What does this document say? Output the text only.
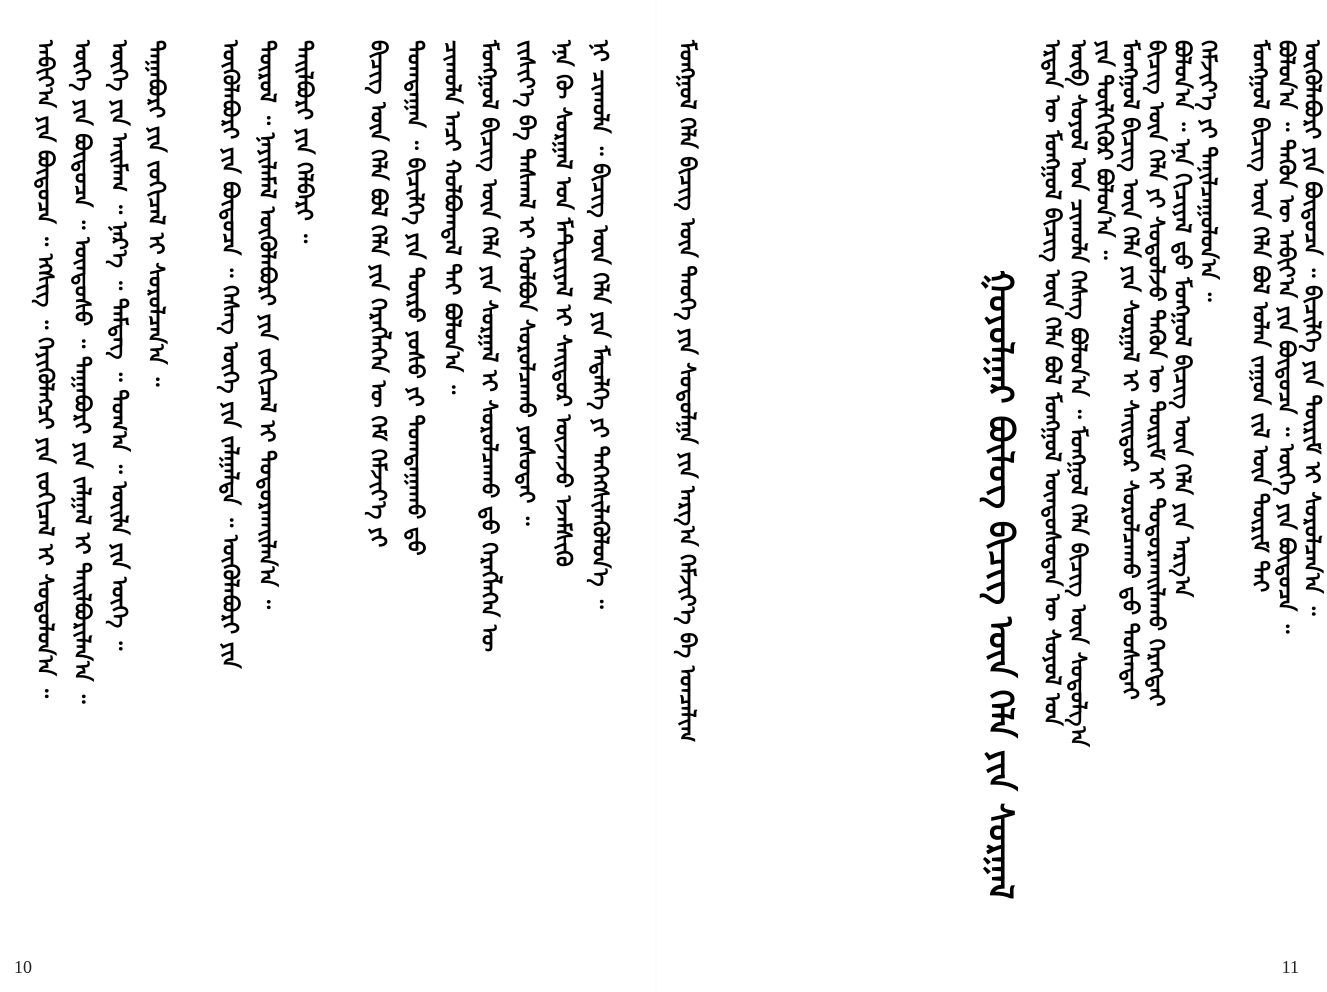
ᠠᠪᠢᠶ᠎ᠠ ᠶᠢᠨ ᠪᠦᠲᠦᠴᠡ ᠃ ᠡᠭᠰᠢᠭ ᠃ ᠭᠡᠶᠢᠭᠦᠯᠡᠭᠴᠢ ᠶᠢᠨ ᠵᠣᠬᠢᠴᠠᠯ ᠢ ᠰᠤᠳᠤᠯᠤᠨ᠎ᠠ ᠃ ᠦᠭᠡ ᠶᠢᠨ ᠪᠦᠲᠦᠴᠡ ᠃ ᠦᠨᠳᠦᠰᠦ ᠃ ᠳᠠᠭᠠᠪᠤᠷᠢ ᠶᠢᠨ ᠵᠠᠯᠭᠠᠯ ᠢ ᠲᠠᠢᠯᠪᠤᠷᠢᠯᠠᠨ᠎ᠠ ᠃ ᠦᠭᠡ ᠶᠢᠨ ᠠᠢᠮᠠᠭ ᠃ ᠨᠡᠷ᠎ᠡ ᠃ ᠲᠡᠮᠳᠡᠭ ᠃ ᠲᠣᠭ᠎ᠠ ᠃ ᠦᠢᠯᠡ ᠶᠢᠨ ᠦᠭᠡ ᠃ ᠳᠠᠭᠠᠪᠤᠷᠢ ᠶᠢᠨ ᠵᠣᠬᠢᠴᠠᠯ ᠢ ᠰᠤᠷᠤᠯᠴᠠᠨ᠎ᠠ ᠃ ᠦᠭᠦᠯᠡᠪᠦᠷᠢ ᠶᠢᠨ ᠪᠦᠲᠦᠴᠡ ᠃ ᠬᠡᠰᠡᠭ ᠦᠭᠡ ᠶᠢᠨ ᠵᠠᠯᠭᠠᠯᠲᠠ ᠃ ᠦᠭᠦᠯᠡᠪᠦᠷᠢ ᠶᠢᠨ ᠲᠦᠷᠦᠯ ᠃ ᠨᠡᠶᠢᠯᠡᠮᠡᠯ ᠦᠭᠦᠯᠡᠪᠦᠷᠢ ᠶᠢᠨ ᠵᠣᠬᠢᠴᠠᠯ ᠢ ᠲᠣᠳᠤᠷᠬᠠᠢᠯᠠᠨ᠎ᠠ ᠃ ᠲᠠᠢᠯᠪᠤᠷᠢ ᠶᠢᠨ ᠬᠡᠯᠪᠡᠷᠢ ᠃ ᠪᠢᠴᠢᠭ ᠦᠨ ᠬᠡᠯᠡ ᠪᠣᠯ ᠬᠡᠯᠡ ᠶᠢᠨ ᠬᠡᠷᠡᠭᠯᠡᠭᠡᠨ ᠦ ᠬᠡᠮ ᠬᠡᠮᠵᠢᠶ᠎ᠡ ᠶᠢ ᠲᠣᠭᠲᠠᠭᠠᠨ ᠃ ᠪᠢᠴᠢᠯᠭᠡ ᠶᠢᠨ ᠲᠥᠷᠦ ᠶᠣᠰᠤ ᠶᠢ ᠲᠣᠭᠲᠠᠭᠠᠬᠤ ᠳ᠋ᠤ ᠴᠢᠬᠤᠯᠠ ᠠᠴᠢ ᠬᠣᠯᠪᠣᠭᠳᠠᠯ ᠲᠠᠢ ᠪᠣᠯᠤᠨ᠎ᠠ ᠃ ᠮᠣᠩᠭᠣᠯ ᠪᠢᠴᠢᠭ ᠦᠨ ᠬᠡᠯᠡ ᠶᠢᠨ ᠰᠤᠷᠭᠠᠯ ᠢ ᠰᠤᠷᠤᠯᠴᠠᠬᠤ ᠳ᠋ᠤ ᠬᠡᠷᠡᠭᠯᠡᠭᠡᠨ ᠦ ᠵᠢᠱᠢᠶ᠎ᠡ ᠪᠠ ᠳᠠᠰᠬᠠᠯ ᠢ ᠬᠣᠯᠪᠣᠨ ᠰᠤᠷᠤᠯᠴᠠᠬᠤ ᠶᠣᠰᠤᠲᠠᠢ ᠃ ᠡᠨᠡ ᠬᠦ ᠰᠤᠷᠭᠠᠯ ᠤᠨ ᠮᠠᠲ᠋ᠧᠷᠢᠶᠠᠯ ᠢ ᠰᠠᠢᠲᠤᠷ ᠦᠵᠡᠵᠦ ᠡᠵᠡᠮᠰᠢᠬᠦ ᠨᠢ ᠴᠢᠬᠤᠯᠠ ᠃ ᠪᠢᠴᠢᠭ ᠦᠨ ᠬᠡᠯᠡ ᠶᠢᠨ ᠮᠡᠳᠡᠯᠭᠡ ᠶᠢ ᠳᠡᠭᠡᠭᠰᠢᠯᠡᠭᠦᠯᠦᠨ᠎ᠡ ᠃
10
ᠮᠣᠩᠭᠣᠯ ᠬᠡᠯᠡ ᠪᠢᠴᠢᠭ ᠦᠨ ᠲᠡᠦᠬᠡ ᠶᠢᠨ ᠰᠤᠳᠤᠯᠭᠠ ᠶᠢᠨ ᠠᠷᠭ᠎ᠠ ᠬᠡᠮᠵᠢᠶ᠎ᠡ ᠪᠠ ᠣᠨᠴᠠᠯᠢᠭ	ᠭᠣᠶᠣᠯᠭᠠᠷ ᠪᠦᠯᠦᠭ ᠪᠢᠴᠢᠭ ᠦᠨ ᠬᠡᠯᠡ ᠶᠢᠨ ᠰᠤᠷᠭᠠᠯ ᠡᠷᠲᠡᠨ ᠦ ᠮᠣᠩᠭᠣᠯ ᠪᠢᠴᠢᠭ ᠦᠨ ᠬᠡᠯᠡ ᠪᠣᠯ ᠮᠣᠩᠭᠣᠯ ᠦᠨᠳᠦᠰᠦᠲᠡᠨ ᠦ ᠰᠣᠶᠣᠯ ᠤᠨ ᠥᠪ ᠰᠣᠶᠣᠯ ᠤᠨ ᠴᠢᠬᠤᠯᠠ ᠬᠡᠰᠡᠭ ᠪᠣᠯᠤᠨ᠎ᠠ ᠃ ᠮᠣᠩᠭᠣᠯ ᠬᠡᠯᠡ ᠪᠢᠴᠢᠭ ᠦᠨ ᠰᠤᠳᠤᠯᠭ᠎ᠠ ᠶᠢᠨ ᠲᠦᠯᠬᠢᠭᠦᠷ ᠪᠣᠯᠤᠨ᠎ᠠ ᠃ ᠮᠣᠩᠭᠣᠯ ᠪᠢᠴᠢᠭ ᠦᠨ ᠬᠡᠯᠡ ᠶᠢᠨ ᠰᠤᠷᠭᠠᠯ ᠢ ᠰᠠᠢᠲᠤᠷ ᠰᠤᠷᠤᠯᠴᠠᠬᠤ ᠳ᠋ᠤ ᠲᠤᠰᠠᠲᠠᠢ ᠪᠢᠴᠢᠭ ᠦᠨ ᠬᠡᠯᠡ ᠶᠢ ᠰᠤᠳᠤᠯᠵᠤ ᠲᠡᠭᠦᠨ ᠦ ᠳᠦᠷᠢᠮ ᠢ ᠲᠣᠳᠤᠷᠬᠠᠢᠯᠠᠬᠤ ᠬᠡᠷᠡᠭᠲᠡᠢ ᠪᠣᠯᠤᠨ᠎ᠠ ᠃ ᠡᠨᠡ ᠬᠢᠴᠢᠶᠡᠯ ᠳ᠋ᠤ ᠮᠣᠩᠭᠣᠯ ᠪᠢᠴᠢᠭ ᠦᠨ ᠬᠡᠯᠡ ᠶᠢᠨ ᠠᠷᠭ᠎ᠠ ᠬᠡᠮᠵᠢᠶ᠎ᠡ ᠶᠢ ᠲᠠᠨᠢᠯᠴᠠᠭᠤᠯᠤᠨ᠎ᠠ ᠃ ᠮᠣᠩᠭᠣᠯ ᠪᠢᠴᠢᠭ ᠦᠨ ᠬᠡᠯᠡ ᠪᠣᠯ ᠣᠯᠠᠨ ᠵᠠᠭᠤᠨ ᠵᠢᠯ ᠦᠨ ᠳᠦᠷᠢᠮ ᠲᠡᠢ ᠪᠣᠯᠤᠨ᠎ᠠ ᠃ ᠲᠡᠭᠦᠨ ᠦ ᠠᠪᠢᠶ᠎ᠠ ᠶᠢᠨ ᠪᠦᠲᠦᠴᠡ ᠃ ᠦᠭᠡ ᠶᠢᠨ ᠪᠦᠲᠦᠴᠡ ᠃ ᠦᠭᠦᠯᠡᠪᠦᠷᠢ ᠶᠢᠨ ᠪᠦᠲᠦᠴᠡ ᠃ ᠪᠢᠴᠢᠯᠭᠡ ᠶᠢᠨ ᠳᠦᠷᠢᠮ ᠢ ᠰᠤᠷᠤᠯᠴᠠᠨ᠎ᠠ ᠃
11
